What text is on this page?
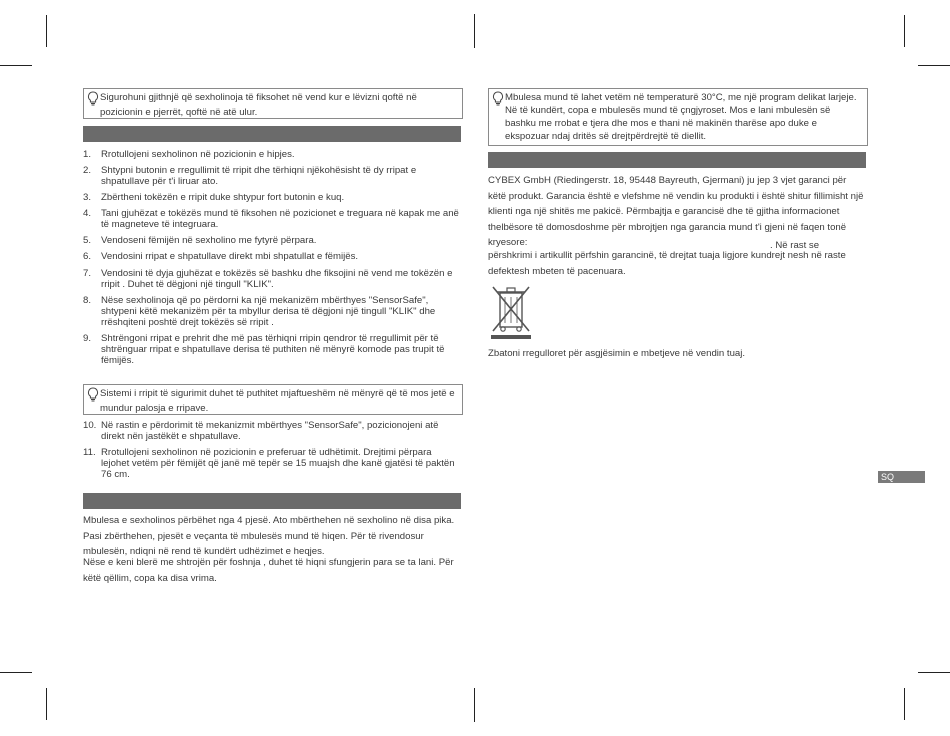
Sigurohuni gjithnjë që sexholinoja të fiksohet në vend kur e lëvizni qoftë në pozicionin e pjerrët, qoftë në atë ulur.
1. Rrotullojeni sexholinon në pozicionin e hipjes.
2. Shtypni butonin e rregullimit të rripit dhe tërhiqni njëkohësisht të dy rripat e shpatullave për t'i liruar ato.
3. Zbërtheni tokëzën e rripit duke shtypur fort butonin e kuq.
4. Tani gjuhëzat e tokëzës mund të fiksohen në pozicionet e treguara në kapak me anë të magneteve të integruara.
5. Vendoseni fëmijën në sexholino me fytyrë përpara.
6. Vendosini rripat e shpatullave direkt mbi shpatullat e fëmijës.
7. Vendosini të dyja gjuhëzat e tokëzës së bashku dhe fiksojini në vend me tokëzën e rripit . Duhet të dëgjoni një tingull "KLIK".
8. Nëse sexholinoja që po përdorni ka një mekanizëm mbërthyes "SensorSafe", shtypeni këtë mekanizëm për ta mbyllur derisa të dëgjoni një tingull "KLIK" dhe rrëshqiteni poshtë drejt tokëzës së rripit .
9. Shtrëngoni rripat e prehrit dhe më pas tërhiqni rripin qendror të rregullimit për të shtrënguar rripat e shpatullave derisa të puthiten në mënyrë komode pas trupit të fëmijës.
Sistemi i rripit të sigurimit duhet të puthitet mjaftueshëm në mënyrë që të mos jetë e mundur palosja e rripave.
10. Në rastin e përdorimit të mekanizmit mbërthyes "SensorSafe", pozicionojeni atë direkt nën jastëkët e shpatullave.
11. Rrotullojeni sexholinon në pozicionin e preferuar të udhëtimit. Drejtimi përpara lejohet vetëm për fëmijët që janë më tepër se 15 muajsh dhe kanë gjatësi të paktën 76 cm.

Mbulesa e sexholinos përbëhet nga 4 pjesë. Ato mbërthehen në sexholino në disa pika. Pasi zbërthehen, pjesët e veçanta të mbulesës mund të hiqen. Për të rivendosur mbulesën, ndiqni në rend të kundërt udhëzimet e heqjes.

Nëse e keni blerë me shtrojën për foshnja , duhet të hiqni sfungjerin para se ta lani. Për këtë qëllim, copa ka disa vrima.

Mbulesa mund të lahet vetëm në temperaturë 30°C, me një program delikat larjeje. Në të kundërt, copa e mbulesës mund të çngjyroset. Mos e lani mbulesën së bashku me rrobat e tjera dhe mos e thani në makinën tharëse apo duke e ekspozuar ndaj dritës së drejtpërdrejtë të diellit.

CYBEX GmbH (Riedingerstr. 18, 95448 Bayreuth, Gjermani) ju jep 3 vjet garanci për këtë produkt. Garancia është e vlefshme në vendin ku produkti i është shitur fillimisht një klienti nga një shitës me pakicë. Përmbajtja e garancisë dhe të gjitha informacionet thelbësore të domosdoshme për mbrojtjen nga garancia mund t'i gjeni në faqen tonë kryesore:	. Në rast se

përshkrimi i artikullit përfshin garancinë, të drejtat tuaja ligjore kundrejt nesh në raste defektesh mbeten të pacenuara.

Zbatoni rregulloret për asgjësimin e mbetjeve në vendin tuaj.

SQ
